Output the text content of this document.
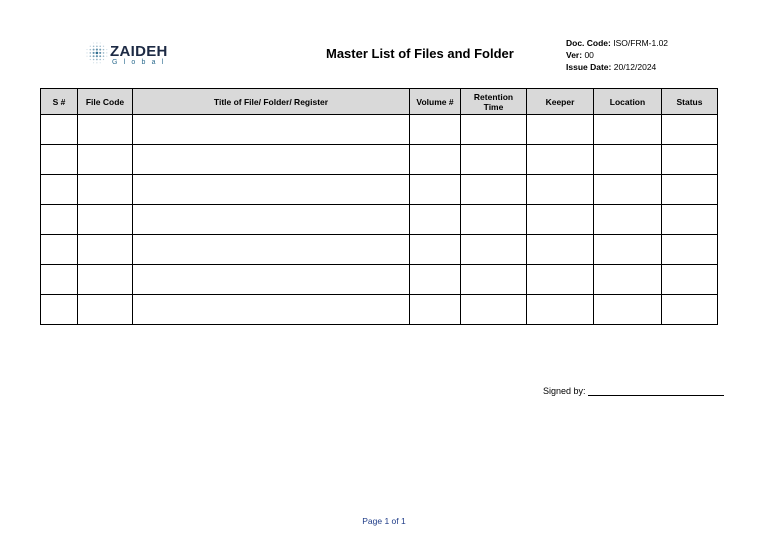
ZAIDEH
Global
Master List of Files and Folder
Doc. Code: ISO/FRM-1.02
Ver: 00
Issue Date: 20/12/2024
S #	File Code	Title of File/ Folder/ Register	Volume #	Retention Time	Keeper	Location	Status

Signed by:
Page 1 of 1
